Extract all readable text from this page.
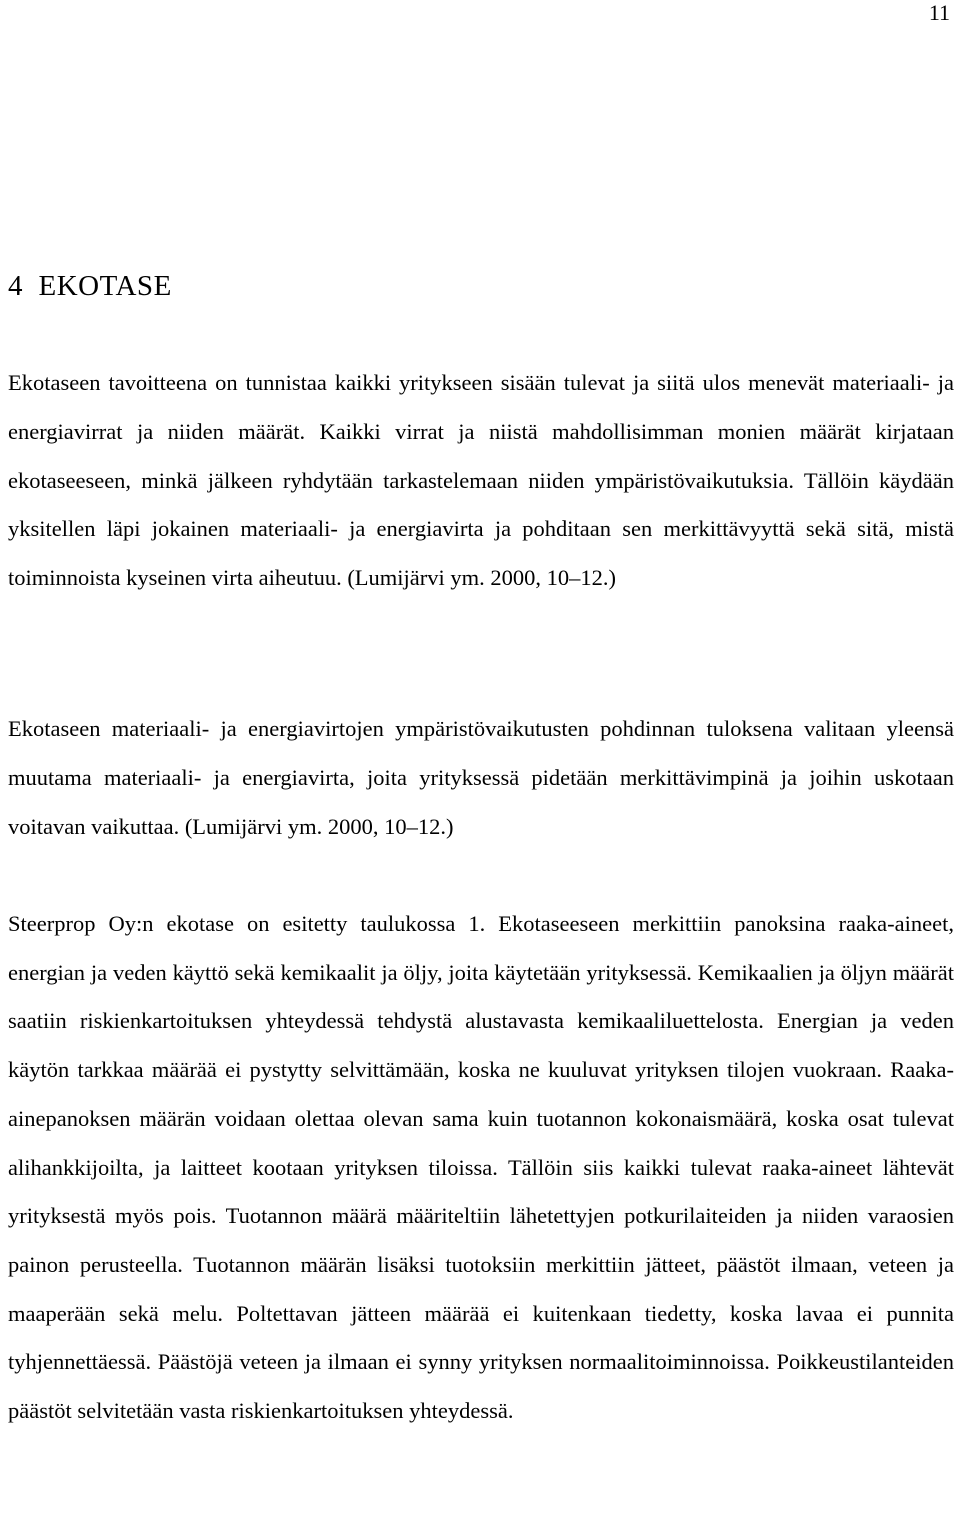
11
4  EKOTASE

Ekotaseen tavoitteena on tunnistaa kaikki yritykseen sisään tulevat ja siitä ulos menevät materiaali- ja energiavirrat ja niiden määrät. Kaikki virrat ja niistä mahdollisimman monien määrät kirjataan ekotaseeseen, minkä jälkeen ryhdytään tarkastelemaan niiden ympäristövaikutuksia. Tällöin käydään yksitellen läpi jokainen materiaali- ja energiavirta ja pohditaan sen merkittävyyttä sekä sitä, mistä toiminnoista kyseinen virta aiheutuu. (Lumijärvi ym. 2000, 10–12.)

Ekotaseen materiaali- ja energiavirtojen ympäristövaikutusten pohdinnan tuloksena valitaan yleensä muutama materiaali- ja energiavirta, joita yrityksessä pidetään merkittävimpinä ja joihin uskotaan voitavan vaikuttaa. (Lumijärvi ym. 2000, 10–12.)

Steerprop Oy:n ekotase on esitetty taulukossa 1. Ekotaseeseen merkittiin panoksina raaka-aineet, energian ja veden käyttö sekä kemikaalit ja öljy, joita käytetään yrityksessä. Kemikaalien ja öljyn määrät saatiin riskienkartoituksen yhteydessä tehdystä alustavasta kemikaaliluettelosta. Energian ja veden käytön tarkkaa määrää ei pystytty selvittämään, koska ne kuuluvat yrityksen tilojen vuokraan. Raaka-ainepanoksen määrän voidaan olettaa olevan sama kuin tuotannon kokonaismäärä, koska osat tulevat alihankkijoilta, ja laitteet kootaan yrityksen tiloissa. Tällöin siis kaikki tulevat raaka-aineet lähtevät yrityksestä myös pois. Tuotannon määrä määriteltiin lähetettyjen potkurilaiteiden ja niiden varaosien painon perusteella. Tuotannon määrän lisäksi tuotoksiin merkittiin jätteet, päästöt ilmaan, veteen ja maaperään sekä melu. Poltettavan jätteen määrää ei kuitenkaan tiedetty, koska lavaa ei punnita tyhjennettäessä. Päästöjä veteen ja ilmaan ei synny yrityksen normaalitoiminnoissa. Poikkeustilanteiden päästöt selvitetään vasta riskienkartoituksen yhteydessä.
